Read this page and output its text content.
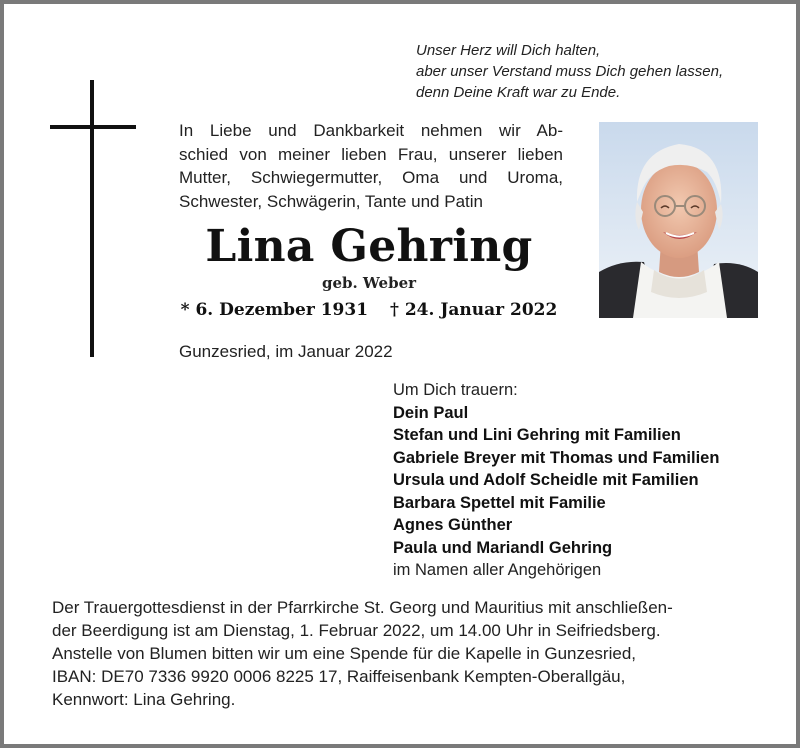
Unser Herz will Dich halten,
aber unser Verstand muss Dich gehen lassen,
denn Deine Kraft war zu Ende.
In Liebe und Dankbarkeit nehmen wir Ab-
schied von meiner lieben Frau, unserer lieben
Mutter, Schwiegermutter, Oma und Uroma,
Schwester, Schwägerin, Tante und Patin
Lina Gehring
geb. Weber
* 6. Dezember 1931 † 24. Januar 2022
Gunzesried, im Januar 2022
Um Dich trauern:
Dein Paul
Stefan und Lini Gehring mit Familien
Gabriele Breyer mit Thomas und Familien
Ursula und Adolf Scheidle mit Familien
Barbara Spettel mit Familie
Agnes Günther
Paula und Mariandl Gehring
im Namen aller Angehörigen
Der Trauergottesdienst in der Pfarrkirche St. Georg und Mauritius mit anschließen-
der Beerdigung ist am Dienstag, 1. Februar 2022, um 14.00 Uhr in Seifriedsberg.
Anstelle von Blumen bitten wir um eine Spende für die Kapelle in Gunzesried,
IBAN: DE70 7336 9920 0006 8225 17, Raiffeisenbank Kempten-Oberallgäu,
Kennwort: Lina Gehring.
